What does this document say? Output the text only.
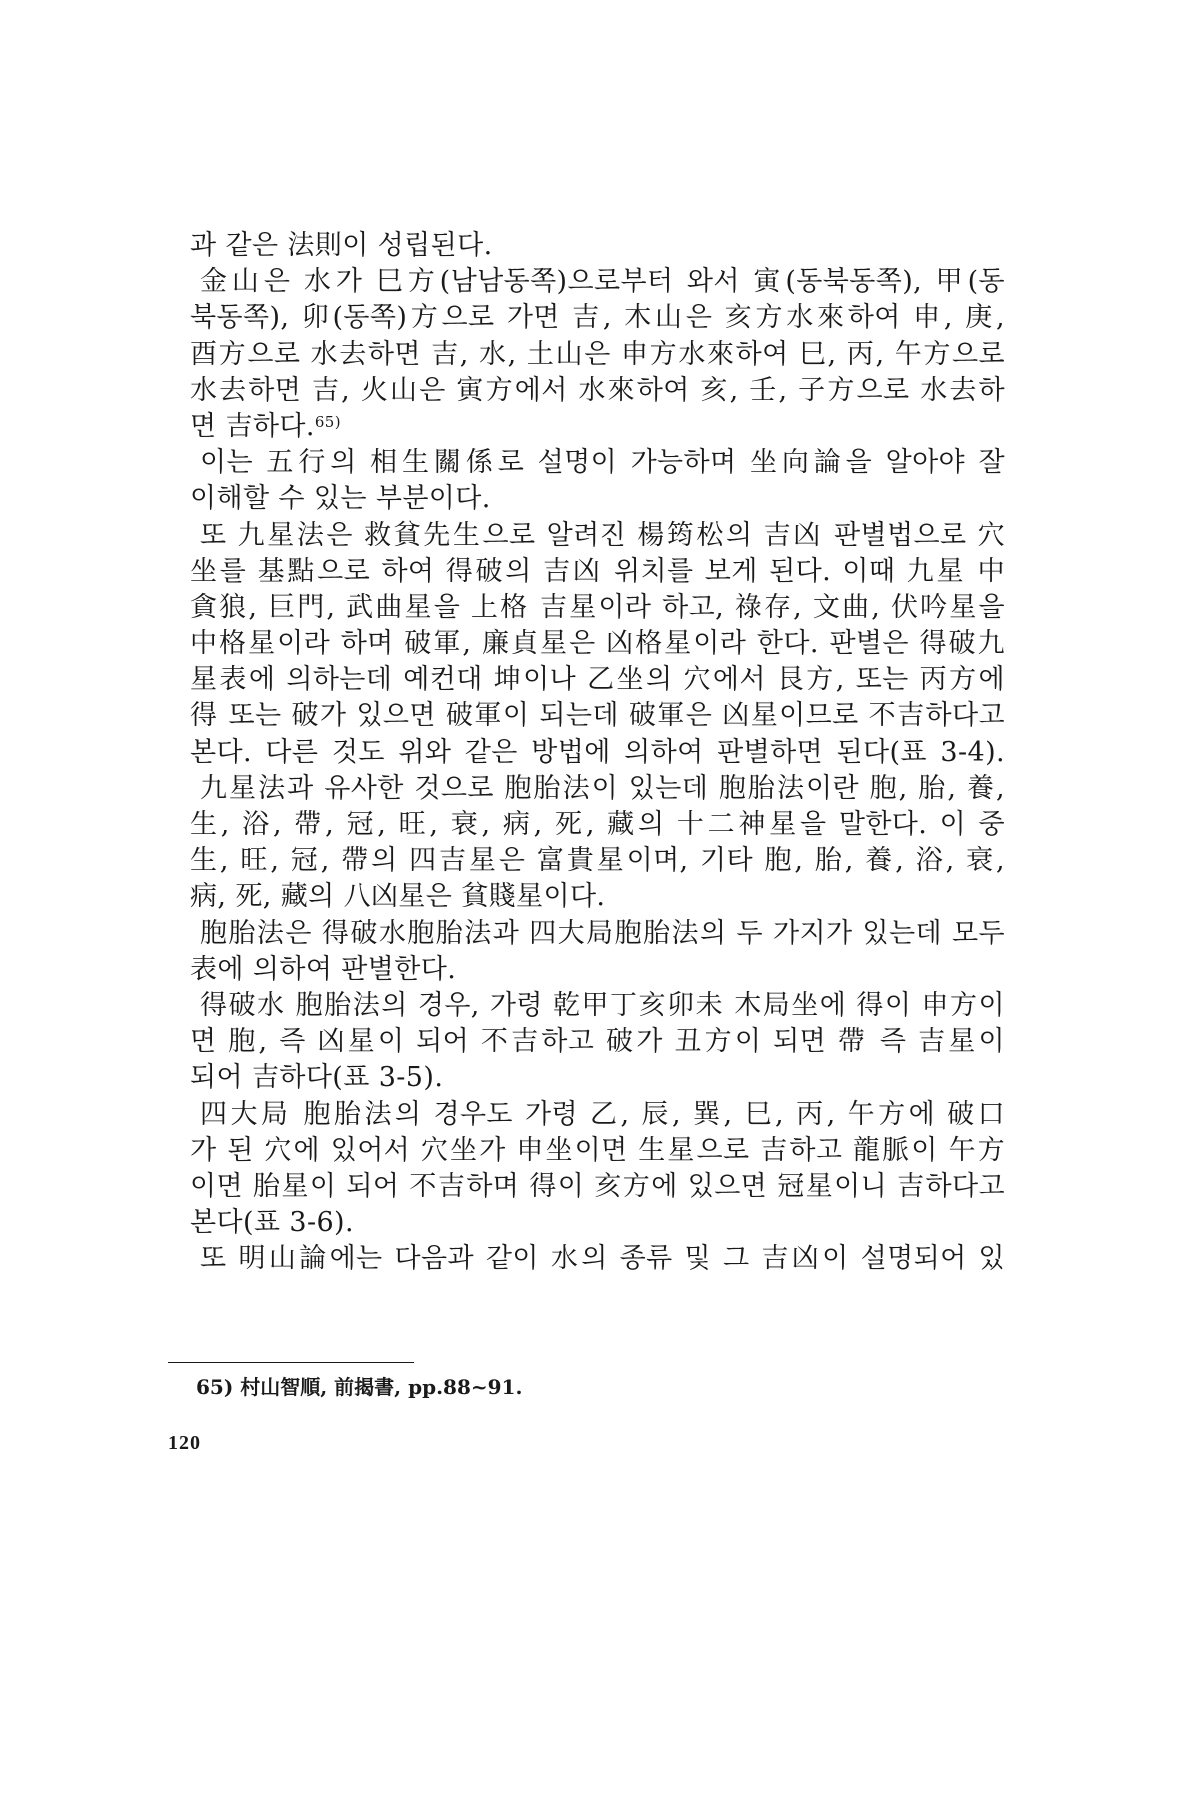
과 같은 法則이 성립된다.
金山은 水가 巳方(남남동쪽)으로부터 와서 寅(동북동쪽), 甲(동
북동쪽), 卯(동쪽)方으로 가면 吉, 木山은 亥方水來하여 申, 庚,
酉方으로 水去하면 吉, 水, 土山은 申方水來하여 巳, 丙, 午方으로
水去하면 吉, 火山은 寅方에서 水來하여 亥, 壬, 子方으로 水去하
면 吉하다.$^{65)}$
이는 五行의 相生關係로 설명이 가능하며 坐向論을 알아야 잘
이해할 수 있는 부분이다.
또 九星法은 救貧先生으로 알려진 楊筠松의 吉凶 판별법으로 穴
坐를 基點으로 하여 得破의 吉凶 위치를 보게 된다. 이때 九星 中
貪狼, 巨門, 武曲星을 上格 吉星이라 하고, 祿存, 文曲, 伏吟星을
中格星이라 하며 破軍, 廉貞星은 凶格星이라 한다. 판별은 得破九
星表에 의하는데 예컨대 坤이나 乙坐의 穴에서 艮方, 또는 丙方에
得 또는 破가 있으면 破軍이 되는데 破軍은 凶星이므로 不吉하다고
본다. 다른 것도 위와 같은 방법에 의하여 판별하면 된다(표 3-4).
九星法과 유사한 것으로 胞胎法이 있는데 胞胎法이란 胞, 胎, 養,
生, 浴, 帶, 冠, 旺, 衰, 病, 死, 藏의 十二神星을 말한다. 이 중
生, 旺, 冠, 帶의 四吉星은 富貴星이며, 기타 胞, 胎, 養, 浴, 衰,
病, 死, 藏의 八凶星은 貧賤星이다.
胞胎法은 得破水胞胎法과 四大局胞胎法의 두 가지가 있는데 모두
表에 의하여 판별한다.
得破水 胞胎法의 경우, 가령 乾甲丁亥卯未 木局坐에 得이 申方이
면 胞, 즉 凶星이 되어 不吉하고 破가 丑方이 되면 帶 즉 吉星이
되어 吉하다(표 3-5).
四大局 胞胎法의 경우도 가령 乙, 辰, 巽, 巳, 丙, 午方에 破口
가 된 穴에 있어서 穴坐가 申坐이면 生星으로 吉하고 龍脈이 午方
이면 胎星이 되어 不吉하며 得이 亥方에 있으면 冠星이니 吉하다고
본다(표 3-6).
또 明山論에는 다음과 같이 水의 종류 및 그 吉凶이 설명되어 있
65) 村山智順, 前揭書, pp.88~91.
120
